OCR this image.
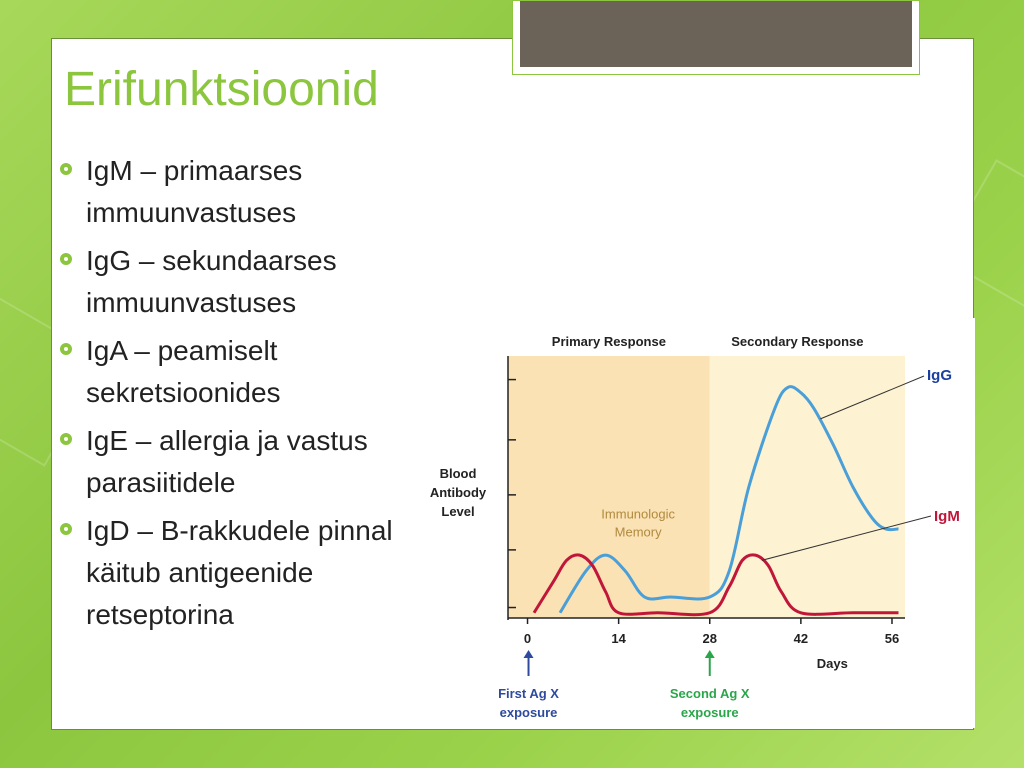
Erifunktsioonid
IgM – primaarses immuunvastuses
IgG – sekundaarses immuunvastuses
IgA – peamiselt sekretsioonides
IgE – allergia ja vastus parasiitidele
IgD – B-rakkudele pinnal käitub antigeenide retseptorina
Primary Response	Secondary Response
0	14	28	42	56
Immunologic Memory
IgG
IgM
Blood Antibody Level
Days
First Ag X
exposure
Second Ag X
exposure
